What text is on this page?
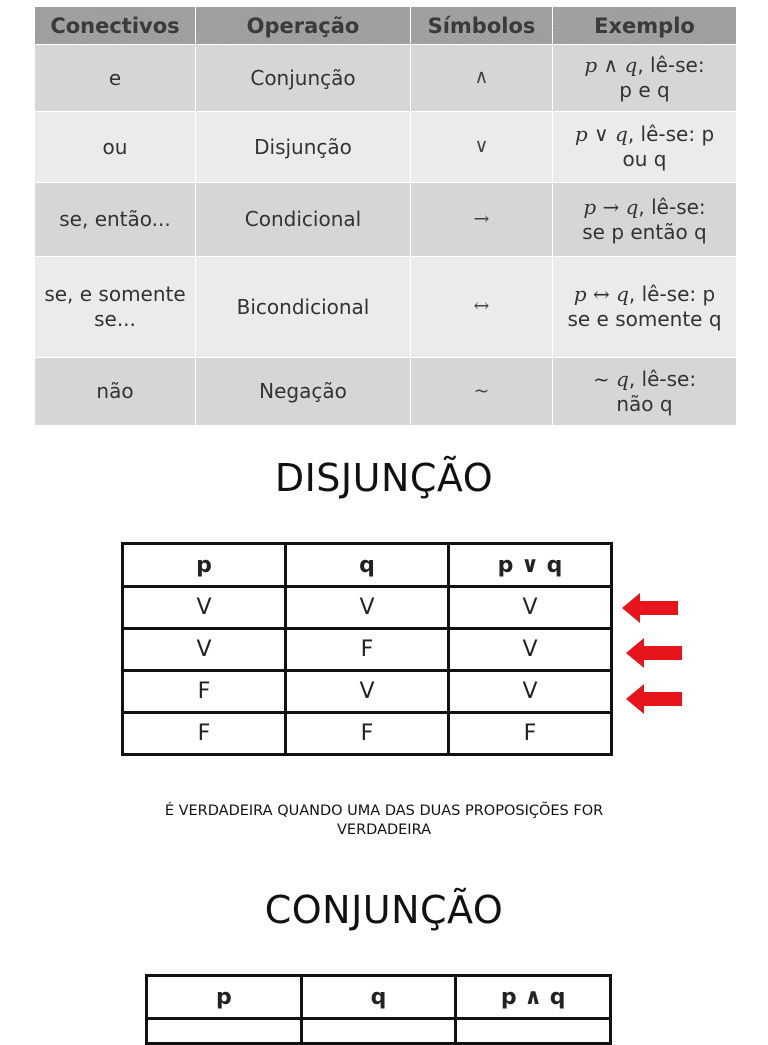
Conectivos	Operação	Símbolos	Exemplo
e	Conjunção	∧	p ∧ q, lê-se:
p e q
ou	Disjunção	∨	p ∨ q, lê-se: p
ou q
se, então...	Condicional	→	p → q, lê-se:
se p então q
se, e somente se...	Bicondicional	↔	p ↔ q, lê-se: p
se e somente q
não	Negação	~	~ q, lê-se:
não q
DISJUNÇÃO
p	q	p ∨ q
V	V	V
V	F	V
F	V	V
F	F	F
É VERDADEIRA QUANDO UMA DAS DUAS PROPOSIÇÕES FOR
VERDADEIRA
CONJUNÇÃO
p	q	p ∧ q
